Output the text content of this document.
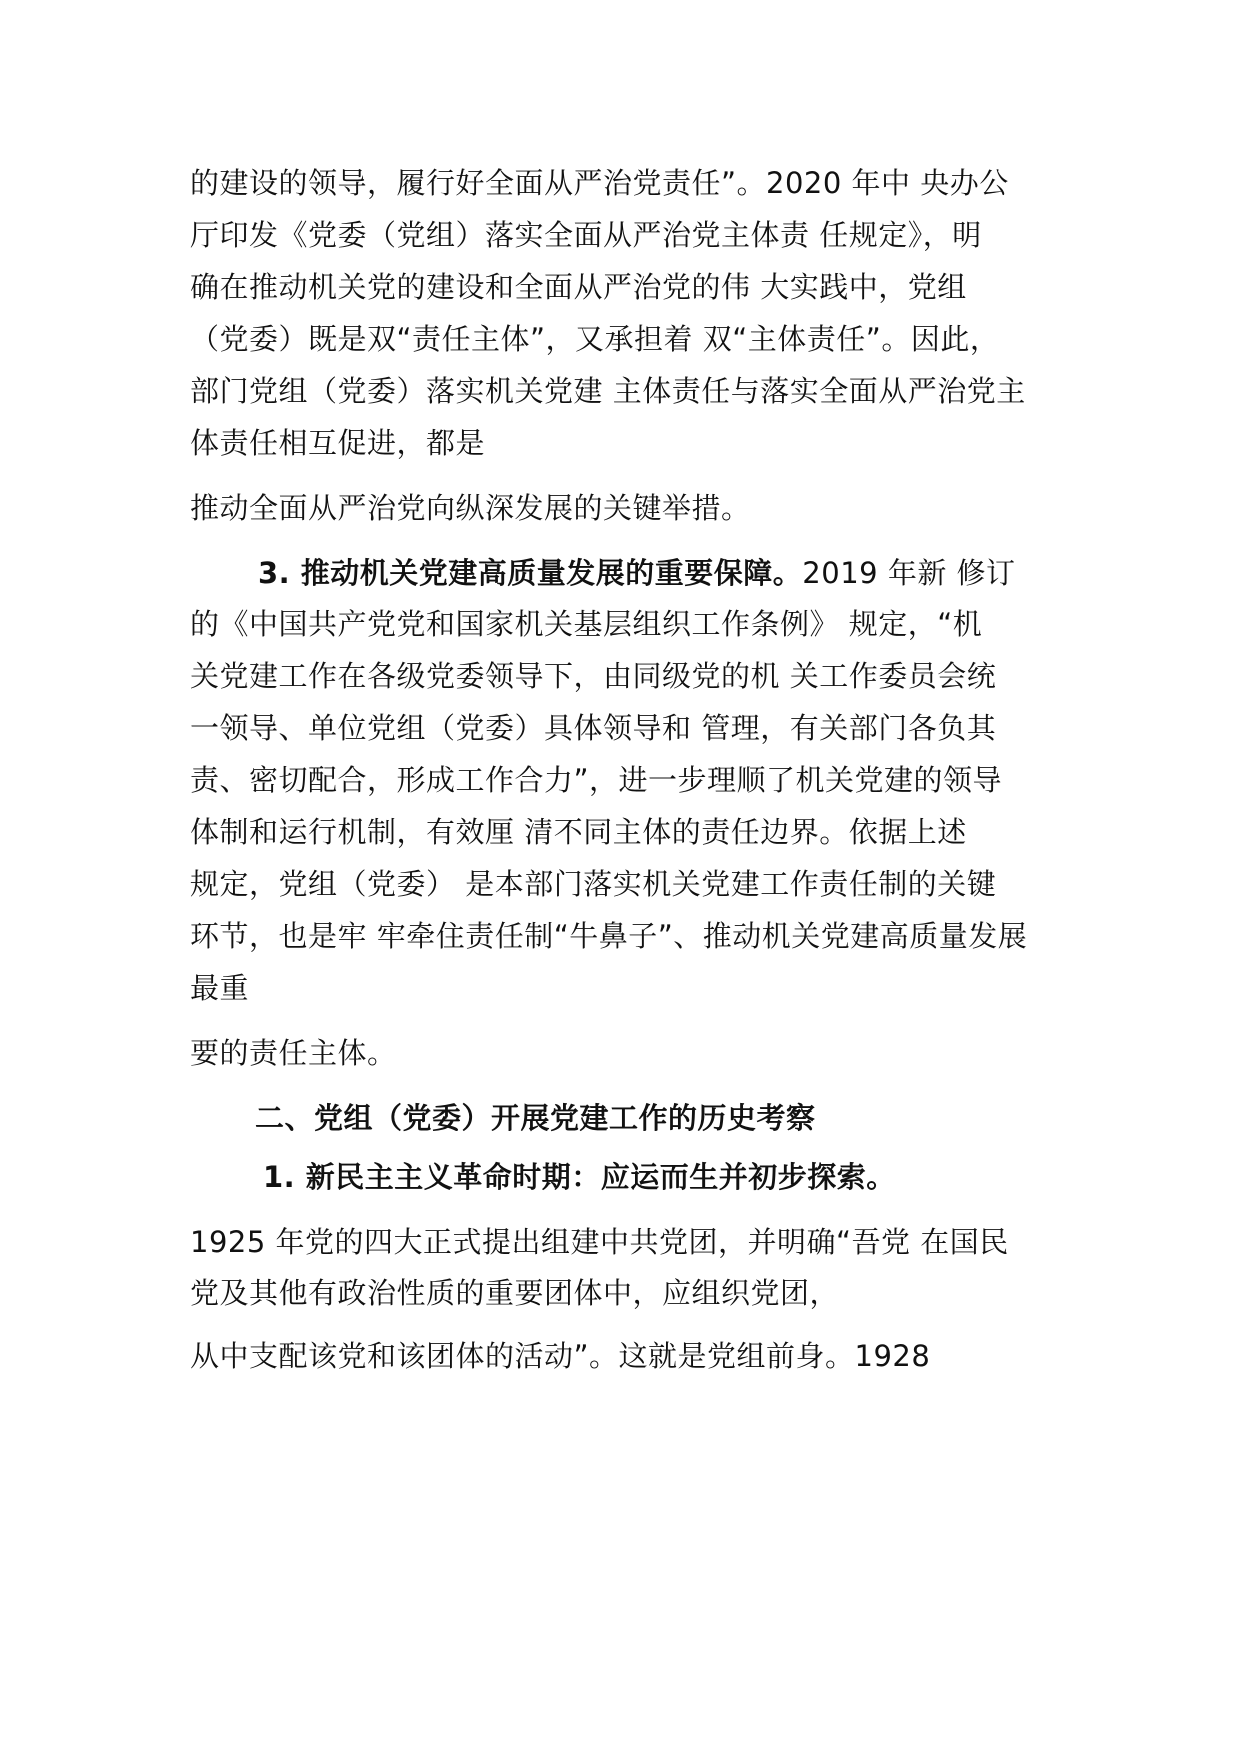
的建设的领导，履行好全面从严治党责任”。2020 年中 央办公

厅印发《党委（党组）落实全面从严治党主体责 任规定》，明

确在推动机关党的建设和全面从严治党的伟 大实践中，党组

（党委）既是双“责任主体”，又承担着 双“主体责任”。因此，

部门党组（党委）落实机关党建 主体责任与落实全面从严治党主

体责任相互促进，都是

推动全面从严治党向纵深发展的关键举措。

3. 推动机关党建高质量发展的重要保障。2019 年新 修订

的《中国共产党党和国家机关基层组织工作条例》 规定，“机

关党建工作在各级党委领导下，由同级党的机 关工作委员会统

一领导、单位党组（党委）具体领导和 管理，有关部门各负其

责、密切配合，形成工作合力”，进一步理顺了机关党建的领导

体制和运行机制，有效厘 清不同主体的责任边界。依据上述

规定，党组（党委） 是本部门落实机关党建工作责任制的关键

环节，也是牢 牢牵住责任制“牛鼻子”、推动机关党建高质量发展

最重

要的责任主体。

二、党组（党委）开展党建工作的历史考察

1. 新民主主义革命时期：应运而生并初步探索。

1925 年党的四大正式提出组建中共党团，并明确“吾党 在国民

党及其他有政治性质的重要团体中，应组织党团，

从中支配该党和该团体的活动”。这就是党组前身。1928
